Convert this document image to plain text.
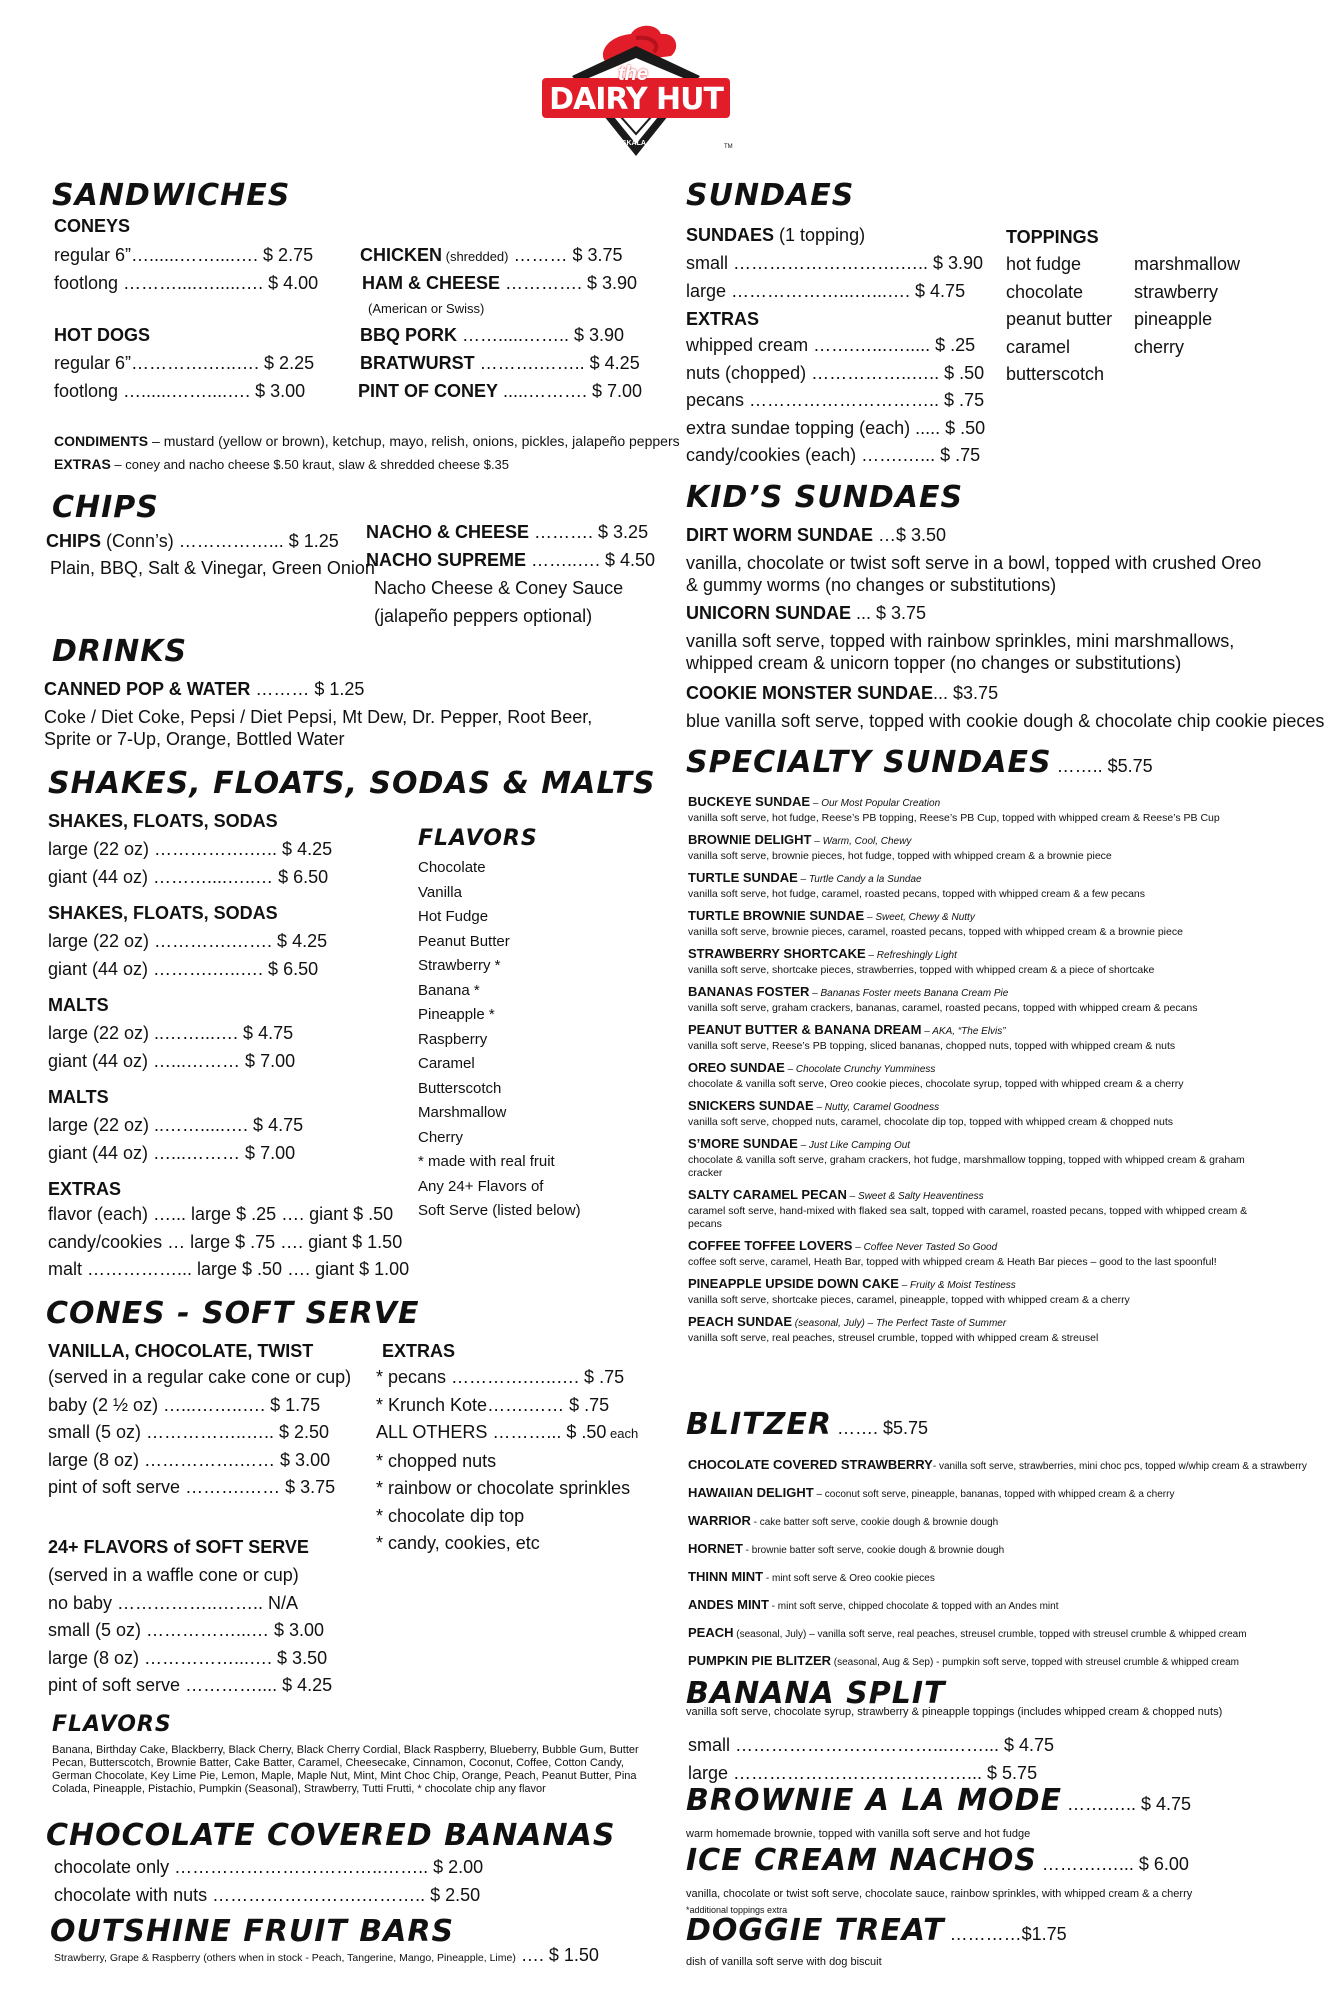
EST.	1973
the
DAIRY HUT
PATASKALA, OHIO	TM
SANDWICHES
CONEYS
regular 6”…......……....…. $ 2.75
footlong ………....….....…. $ 4.00
HOT DOGS
regular 6”………….…..…. $ 2.25
footlong …......……....…. $ 3.00
CHICKEN (shredded) ……… $ 3.75
HAM & CHEESE …………. $ 3.90
(American or Swiss)
BBQ PORK …….....…….. $ 3.90
BRATWURST ……….…….. $ 4.25
PINT OF CONEY .....………. $ 7.00
CONDIMENTS – mustard (yellow or brown), ketchup, mayo, relish, onions, pickles, jalapeño peppers
EXTRAS – coney and nacho cheese $.50 kraut, slaw & shredded cheese $.35
CHIPS
CHIPS (Conn’s) ……………... $ 1.25
Plain, BBQ, Salt & Vinegar, Green Onion
NACHO & CHEESE ………. $ 3.25
NACHO SUPREME ……..…. $ 4.50
Nacho Cheese & Coney Sauce
(jalapeño peppers optional)
DRINKS
CANNED POP & WATER ……… $ 1.25
Coke / Diet Coke, Pepsi / Diet Pepsi, Mt Dew, Dr. Pepper, Root Beer, Sprite or 7-Up, Orange, Bottled Water
SHAKES, FLOATS, SODAS & MALTS
SHAKES, FLOATS, SODAS
large (22 oz) …………….….. $ 4.25
giant (44 oz) ………....…..… $ 6.50
SHAKES, FLOATS, SODAS
large (22 oz) ………….……. $ 4.25
giant (44 oz) ……….…..…. $ 6.50
MALTS
large (22 oz) ..……...…. $ 4.75
giant (44 oz) …...……… $ 7.00
MALTS
large (22 oz) ..…….....…. $ 4.75
giant (44 oz) …...……… $ 7.00
EXTRAS
flavor (each) …... large $ .25 …. giant $ .50
candy/cookies … large $ .75 …. giant $ 1.50
malt ……………... large $ .50 …. giant $ 1.00
FLAVORS
Chocolate
Vanilla
Hot Fudge
Peanut Butter
Strawberry *
Banana *
Pineapple *
Raspberry
Caramel
Butterscotch
Marshmallow
Cherry
* made with real fruit
Any 24+ Flavors of
Soft Serve (listed below)
CONES - SOFT SERVE
VANILLA, CHOCOLATE, TWIST
(served in a regular cake cone or cup)
baby (2 ½ oz) …...……..…. $ 1.75
small (5 oz) ……………..….. $ 2.50
large (8 oz) …………….…… $ 3.00
pint of soft serve ……….…… $ 3.75
EXTRAS
* pecans ………….…..…. $ .75
* Krunch Kote…….…… $ .75
ALL OTHERS ………... $ .50 each
* chopped nuts
* rainbow or chocolate sprinkles
* chocolate dip top
* candy, cookies, etc
24+ FLAVORS of SOFT SERVE
(served in a waffle cone or cup)
no baby ……………..…….. N/A
small (5 oz) ……………...… $ 3.00
large (8 oz) ……………...…. $ 3.50
pint of soft serve ………….... $ 4.25
FLAVORS
Banana, Birthday Cake, Blackberry, Black Cherry, Black Cherry Cordial, Black Raspberry, Blueberry, Bubble Gum, Butter Pecan, Butterscotch, Brownie Batter, Cake Batter, Caramel, Cheesecake, Cinnamon, Coconut, Coffee, Cotton Candy, German Chocolate, Key Lime Pie, Lemon, Maple, Maple Nut, Mint, Mint Choc Chip, Orange, Peach, Peanut Butter, Pina Colada, Pineapple, Pistachio, Pumpkin (Seasonal), Strawberry, Tutti Frutti, * chocolate chip any flavor
CHOCOLATE COVERED BANANAS
chocolate only ……………………………..…….. $ 2.00
chocolate with nuts …………………….……….. $ 2.50
OUTSHINE FRUIT BARS
Strawberry, Grape & Raspberry (others when in stock - Peach, Tangerine, Mango, Pineapple, Lime) …. $ 1.50
SUNDAES
SUNDAES (1 topping)
small ……………………….….. $ 3.90
large ………………...…...…. $ 4.75
EXTRAS
whipped cream …….…...…..... $ .25
nuts (chopped) ……………..….. $ .50
pecans ………………………….. $ .75
extra sundae topping (each) ..... $ .50
candy/cookies (each) …….…... $ .75
TOPPINGS
hot fudge
chocolate
peanut butter
caramel
butterscotch
marshmallow
strawberry
pineapple
cherry
KID’S SUNDAES
DIRT WORM SUNDAE …$ 3.50
vanilla, chocolate or twist soft serve in a bowl, topped with crushed Oreo & gummy worms (no changes or substitutions)
UNICORN SUNDAE ... $ 3.75
vanilla soft serve, topped with rainbow sprinkles, mini marshmallows, whipped cream & unicorn topper (no changes or substitutions)
COOKIE MONSTER SUNDAE... $3.75
blue vanilla soft serve, topped with cookie dough & chocolate chip cookie pieces
SPECIALTY SUNDAES …….. $5.75
BUCKEYE SUNDAE – Our Most Popular Creation
vanilla soft serve, hot fudge, Reese’s PB topping, Reese’s PB Cup, topped with whipped cream & Reese’s PB Cup
BROWNIE DELIGHT – Warm, Cool, Chewy
vanilla soft serve, brownie pieces, hot fudge, topped with whipped cream & a brownie piece
TURTLE SUNDAE – Turtle Candy a la Sundae
vanilla soft serve, hot fudge, caramel, roasted pecans, topped with whipped cream & a few pecans
TURTLE BROWNIE SUNDAE – Sweet, Chewy & Nutty
vanilla soft serve, brownie pieces, caramel, roasted pecans, topped with whipped cream & a brownie piece
STRAWBERRY SHORTCAKE – Refreshingly Light
vanilla soft serve, shortcake pieces, strawberries, topped with whipped cream & a piece of shortcake
BANANAS FOSTER – Bananas Foster meets Banana Cream Pie
vanilla soft serve, graham crackers, bananas, caramel, roasted pecans, topped with whipped cream & pecans
PEANUT BUTTER & BANANA DREAM – AKA, “The Elvis”
vanilla soft serve, Reese’s PB topping, sliced bananas, chopped nuts, topped with whipped cream & nuts
OREO SUNDAE – Chocolate Crunchy Yumminess
chocolate & vanilla soft serve, Oreo cookie pieces, chocolate syrup, topped with whipped cream & a cherry
SNICKERS SUNDAE – Nutty, Caramel Goodness
vanilla soft serve, chopped nuts, caramel, chocolate dip top, topped with whipped cream & chopped nuts
S’MORE SUNDAE – Just Like Camping Out
chocolate & vanilla soft serve, graham crackers, hot fudge, marshmallow topping, topped with whipped cream & graham cracker
SALTY CARAMEL PECAN – Sweet & Salty Heaventiness
caramel soft serve, hand-mixed with flaked sea salt, topped with caramel, roasted pecans, topped with whipped cream & pecans
COFFEE TOFFEE LOVERS – Coffee Never Tasted So Good
coffee soft serve, caramel, Heath Bar, topped with whipped cream & Heath Bar pieces – good to the last spoonful!
PINEAPPLE UPSIDE DOWN CAKE – Fruity & Moist Testiness
vanilla soft serve, shortcake pieces, caramel, pineapple, topped with whipped cream & a cherry
PEACH SUNDAE (seasonal, July) – The Perfect Taste of Summer
vanilla soft serve, real peaches, streusel crumble, topped with whipped cream & streusel
BLITZER ……. $5.75
CHOCOLATE COVERED STRAWBERRY- vanilla soft serve, strawberries, mini choc pcs, topped w/whip cream & a strawberry
HAWAIIAN DELIGHT – coconut soft serve, pineapple, bananas, topped with whipped cream & a cherry
WARRIOR - cake batter soft serve, cookie dough & brownie dough
HORNET - brownie batter soft serve, cookie dough & brownie dough
THINN MINT - mint soft serve & Oreo cookie pieces
ANDES MINT - mint soft serve, chipped chocolate & topped with an Andes mint
PEACH (seasonal, July) – vanilla soft serve, real peaches, streusel crumble, topped with streusel crumble & whipped cream
PUMPKIN PIE BLITZER (seasonal, Aug & Sep) - pumpkin soft serve, topped with streusel crumble & whipped cream
BANANA SPLIT
vanilla soft serve, chocolate syrup, strawberry & pineapple toppings (includes whipped cream & chopped nuts)
small ……………………………...……... $ 4.75
large …………………………………... $ 5.75
BROWNIE A LA MODE …….….. $ 4.75
warm homemade brownie, topped with vanilla soft serve and hot fudge
ICE CREAM NACHOS ……….…... $ 6.00
vanilla, chocolate or twist soft serve, chocolate sauce, rainbow sprinkles, with whipped cream & a cherry
*additional toppings extra
DOGGIE TREAT …………$1.75
dish of vanilla soft serve with dog biscuit
